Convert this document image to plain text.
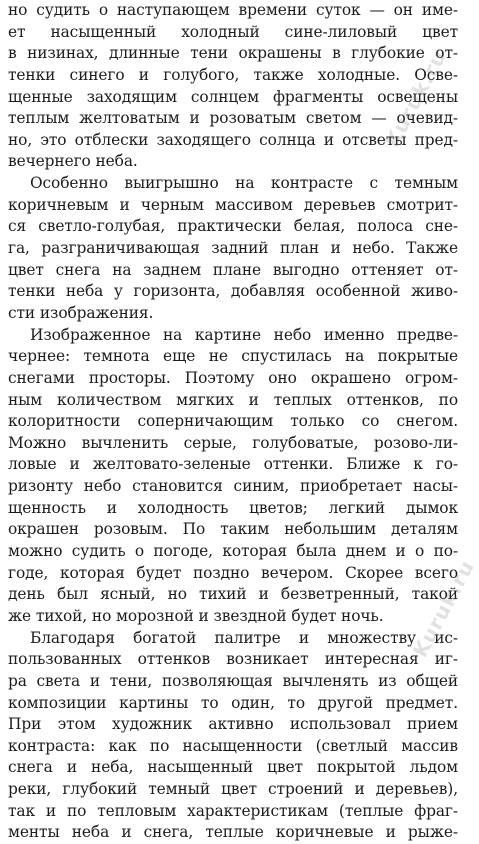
но судить о наступающем времени суток — он име-
ет насыщенный холодный сине-лиловый цвет
в низинах, длинные тени окрашены в глубокие от-
тенки синего и голубого, также холодные. Осве-
щенные заходящим солнцем фрагменты освещены
теплым желтоватым и розоватым светом — очевид-
но, это отблески заходящего солнца и отсветы пред-
вечернего неба.
Особенно выигрышно на контрасте с темным
коричневым и черным массивом деревьев смотрит-
ся светло-голубая, практически белая, полоса сне-
га, разграничивающая задний план и небо. Также
цвет снега на заднем плане выгодно оттеняет от-
тенки неба у горизонта, добавляя особенной живо-
сти изображения.
Изображенное на картине небо именно предве-
чернее: темнота еще не спустилась на покрытые
снегами просторы. Поэтому оно окрашено огром-
ным количеством мягких и теплых оттенков, по
колоритности соперничающим только со снегом.
Можно вычленить серые, голубоватые, розово-ли-
ловые и желтовато-зеленые оттенки. Ближе к го-
ризонту небо становится синим, приобретает насы-
щенность и холодность цветов; легкий дымок
окрашен розовым. По таким небольшим деталям
можно судить о погоде, которая была днем и о по-
годе, которая будет поздно вечером. Скорее всего
день был ясный, но тихий и безветренный, такой
же тихой, но морозной и звездной будет ночь.
Благодаря богатой палитре и множеству ис-
пользованных оттенков возникает интересная иг-
ра света и тени, позволяющая вычленять из общей
композиции картины то один, то другой предмет.
При этом художник активно использовал прием
контраста: как по насыщенности (светлый массив
снега и неба, насыщенный цвет покрытой льдом
реки, глубокий темный цвет строений и деревьев),
так и по тепловым характеристикам (теплые фраг-
менты неба и снега, теплые коричневые и рыже-
Kuruk.ru
Kuruk.ru
